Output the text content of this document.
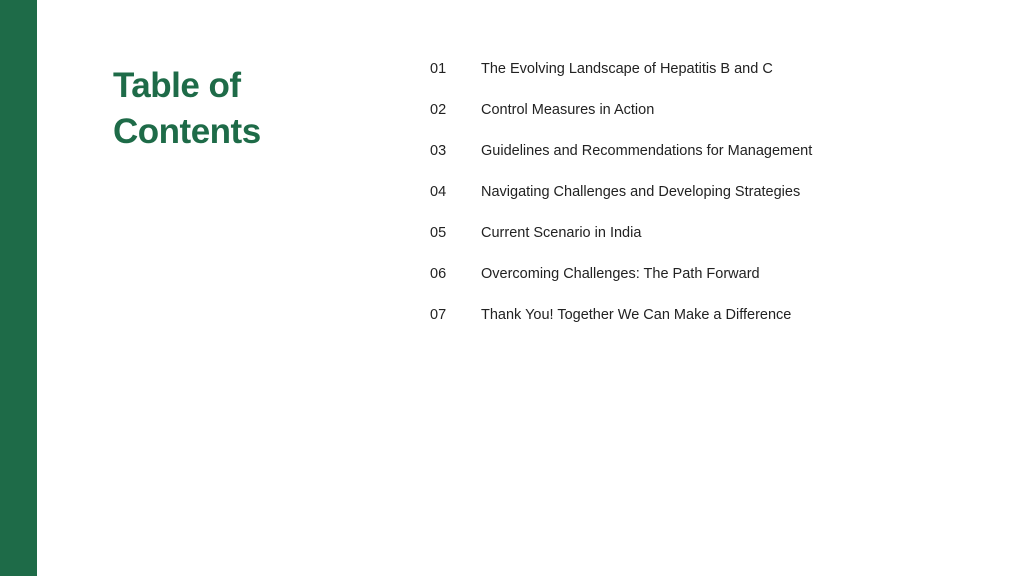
Table of
Contents
01	The Evolving Landscape of Hepatitis B and C
02	Control Measures in Action
03	Guidelines and Recommendations for Management
04	Navigating Challenges and Developing Strategies
05	Current Scenario in India
06	Overcoming Challenges: The Path Forward
07	Thank You! Together We Can Make a Difference
